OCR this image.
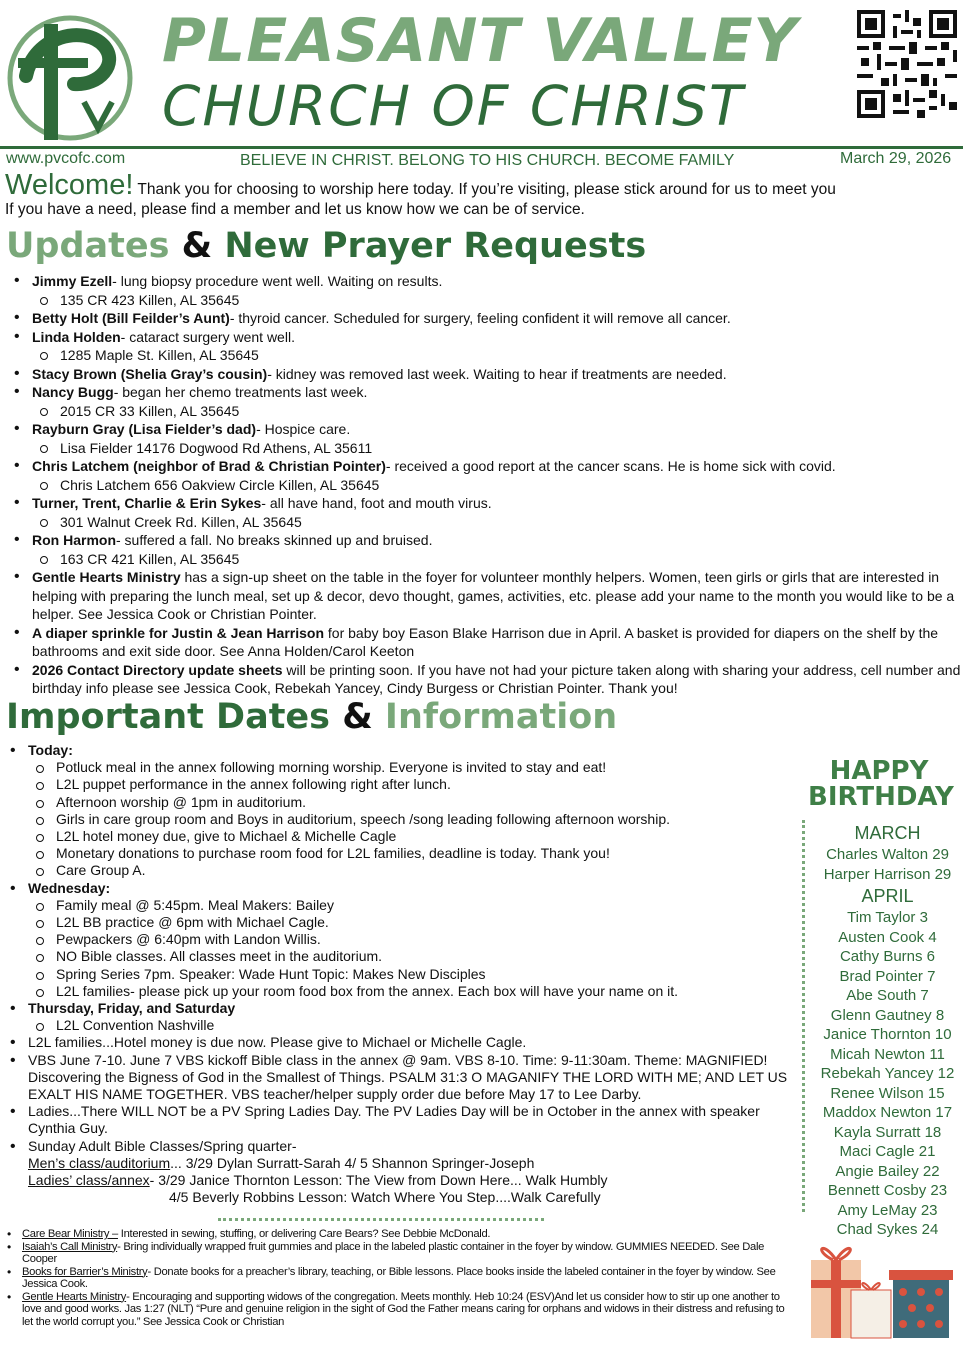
PLEASANT VALLEY
CHURCH OF CHRIST
www.pvcofc.com	BELIEVE IN CHRIST. BELONG TO HIS CHURCH. BECOME FAMILY	March 29, 2026
Welcome! Thank you for choosing to worship here today. If you’re visiting, please stick around for us to meet you
If you have a need, please find a member and let us know how we can be of service.
Updates & New Prayer Requests
• Jimmy Ezell- lung biopsy procedure went well. Waiting on results.
135 CR 423 Killen, AL 35645
• Betty Holt (Bill Feilder’s Aunt)- thyroid cancer. Scheduled for surgery, feeling confident it will remove all cancer.
• Linda Holden- cataract surgery went well.
1285 Maple St. Killen, AL 35645
• Stacy Brown (Shelia Gray’s cousin)- kidney was removed last week. Waiting to hear if treatments are needed.
• Nancy Bugg- began her chemo treatments last week.
2015 CR 33 Killen, AL 35645
• Rayburn Gray (Lisa Fielder’s dad)- Hospice care.
Lisa Fielder 14176 Dogwood Rd Athens, AL 35611
• Chris Latchem (neighbor of Brad & Christian Pointer)- received a good report at the cancer scans. He is home sick with covid.
Chris Latchem 656 Oakview Circle Killen, AL 35645
• Turner, Trent, Charlie & Erin Sykes- all have hand, foot and mouth virus.
301 Walnut Creek Rd. Killen, AL 35645
• Ron Harmon- suffered a fall. No breaks skinned up and bruised.
163 CR 421 Killen, AL 35645
• Gentle Hearts Ministry has a sign-up sheet on the table in the foyer for volunteer monthly helpers. Women, teen girls or girls that are interested in helping with preparing the lunch meal, set up & decor, devo thought, games, activities, etc. please add your name to the month you would like to be a helper. See Jessica Cook or Christian Pointer.
• A diaper sprinkle for Justin & Jean Harrison for baby boy Eason Blake Harrison due in April. A basket is provided for diapers on the shelf by the bathrooms and exit side door. See Anna Holden/Carol Keeton
• 2026 Contact Directory update sheets will be printing soon. If you have not had your picture taken along with sharing your address, cell number and birthday info please see Jessica Cook, Rebekah Yancey, Cindy Burgess or Christian Pointer. Thank you!
Important Dates & Information
• Today:
Potluck meal in the annex following morning worship. Everyone is invited to stay and eat!
L2L puppet performance in the annex following right after lunch.
Afternoon worship @ 1pm in auditorium.
Girls in care group room and Boys in auditorium, speech /song leading following afternoon worship.
L2L hotel money due, give to Michael & Michelle Cagle
Monetary donations to purchase room food for L2L families, deadline is today. Thank you!
Care Group A.
• Wednesday:
Family meal @ 5:45pm. Meal Makers: Bailey
L2L BB practice @ 6pm with Michael Cagle.
Pewpackers @ 6:40pm with Landon Willis.
NO Bible classes. All classes meet in the auditorium.
Spring Series 7pm. Speaker: Wade Hunt Topic: Makes New Disciples
L2L families- please pick up your room food box from the annex. Each box will have your name on it.
• Thursday, Friday, and Saturday
L2L Convention Nashville
• L2L families...Hotel money is due now. Please give to Michael or Michelle Cagle.
• VBS June 7-10. June 7 VBS kickoff Bible class in the annex @ 9am. VBS 8-10. Time: 9-11:30am. Theme: MAGNIFIED! Discovering the Bigness of God in the Smallest of Things. PSALM 31:3 O MAGANIFY THE LORD WITH ME; AND LET US EXALT HIS NAME TOGETHER. VBS teacher/helper supply order due before May 17 to Lee Darby.
• Ladies...There WILL NOT be a PV Spring Ladies Day. The PV Ladies Day will be in October in the annex with speaker Cynthia Guy.
• Sunday Adult Bible Classes/Spring quarter-
Men’s class/auditorium... 3/29 Dylan Surratt-Sarah 4/ 5 Shannon Springer-Joseph
Ladies’ class/annex- 3/29 Janice Thornton Lesson: The View from Down Here... Walk Humbly
4/5 Beverly Robbins Lesson: Watch Where You Step....Walk Carefully
HAPPY
BIRTHDAY
MARCH
Charles Walton 29
Harper Harrison 29
APRIL
Tim Taylor 3
Austen Cook 4
Cathy Burns 6
Brad Pointer 7
Abe South 7
Glenn Gautney 8
Janice Thornton 10
Micah Newton 11
Rebekah Yancey 12
Renee Wilson 15
Maddox Newton 17
Kayla Surratt 18
Maci Cagle 21
Angie Bailey 22
Bennett Cosby 23
Amy LeMay 23
Chad Sykes 24
• Care Bear Ministry – Interested in sewing, stuffing, or delivering Care Bears? See Debbie McDonald.
• Isaiah’s Call Ministry- Bring individually wrapped fruit gummies and place in the labeled plastic container in the foyer by window. GUMMIES NEEDED. See Dale Cooper
• Books for Barrier’s Ministry- Donate books for a preacher’s library, teaching, or Bible lessons. Place books inside the labeled container in the foyer by window. See Jessica Cook.
• Gentle Hearts Ministry- Encouraging and supporting widows of the congregation. Meets monthly. Heb 10:24 (ESV)And let us consider how to stir up one another to love and good works. Jas 1:27 (NLT) “Pure and genuine religion in the sight of God the Father means caring for orphans and widows in their distress and refusing to let the world corrupt you.” See Jessica Cook or Christian
